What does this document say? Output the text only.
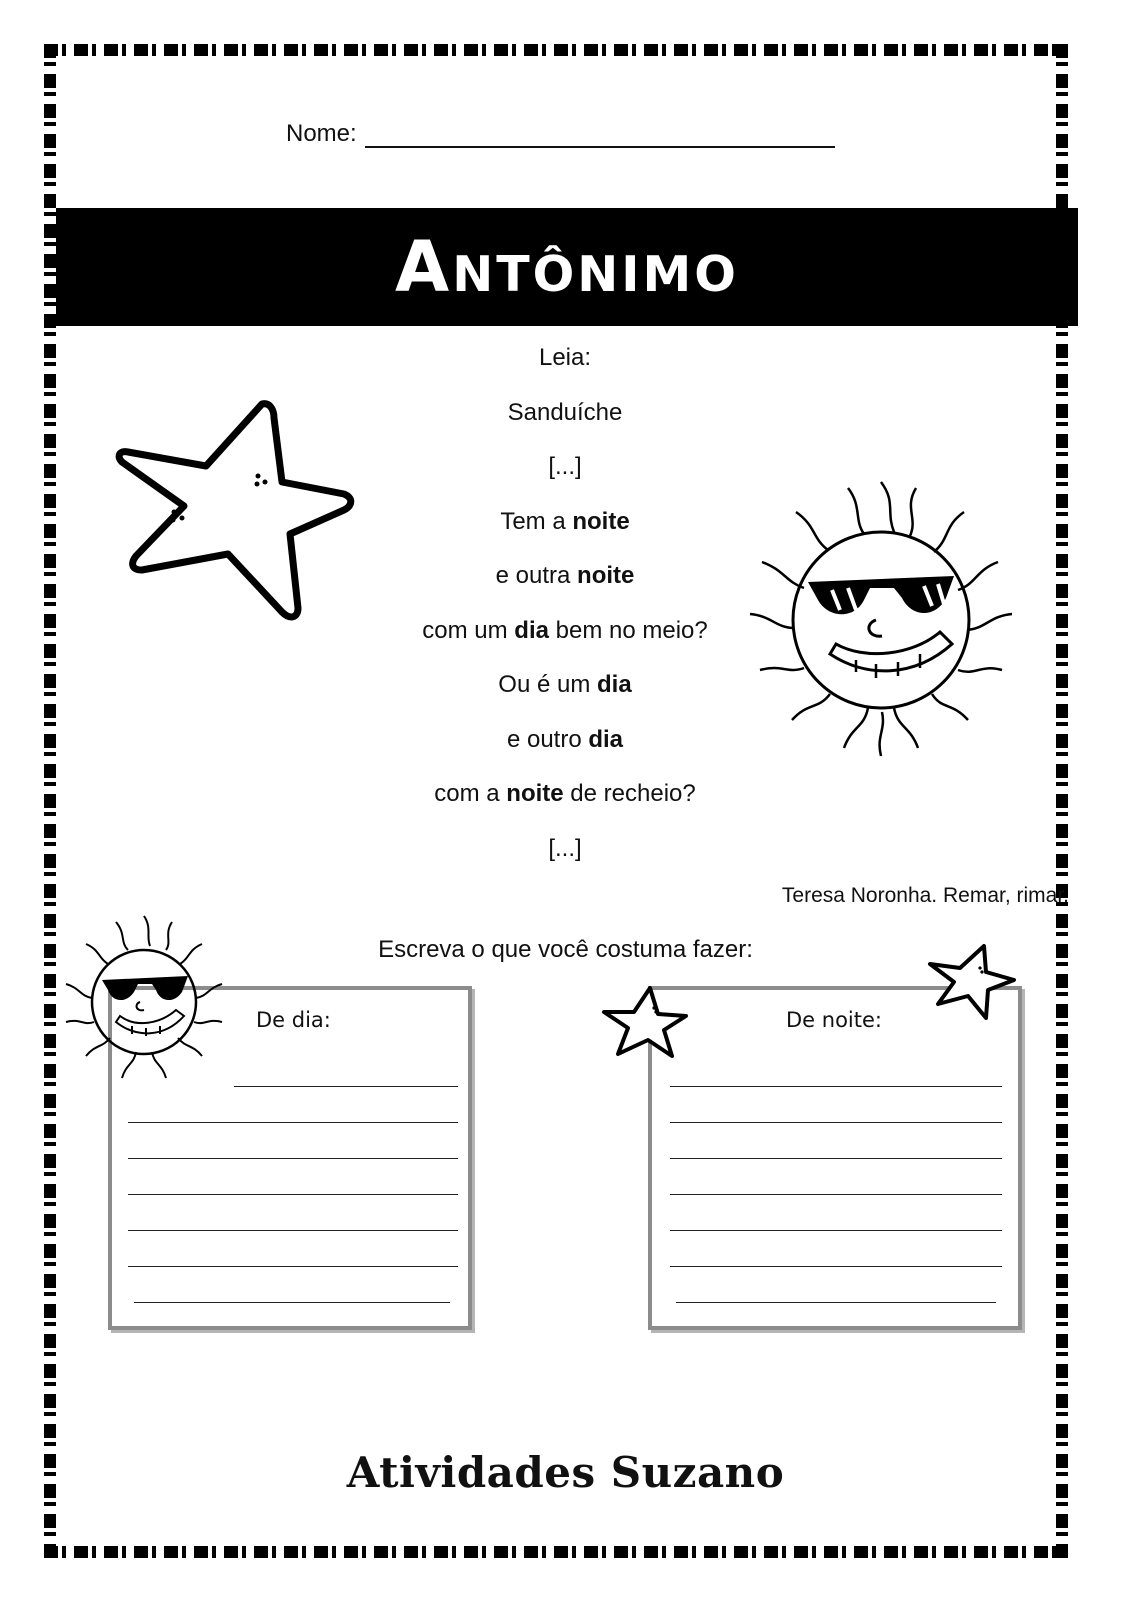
Nome:
Antônimo
Leia:
Sanduíche
[...]
Tem a noite
e outra noite
com um dia bem no meio?
Ou é um dia
e outro dia
com a noite de recheio?
[...]
Teresa Noronha. Remar, rimar.
Escreva o que você costuma fazer:
De dia:	De noite:
Atividades Suzano
